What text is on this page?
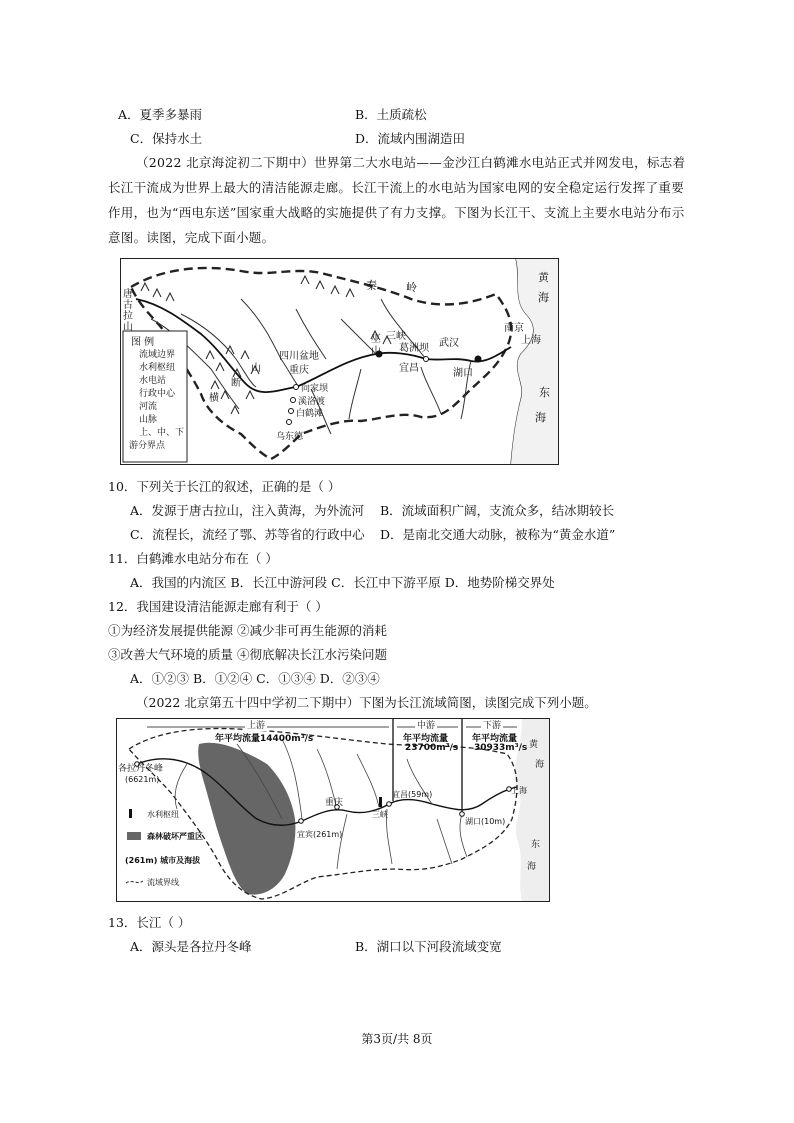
A．夏季多暴雨	B．土质疏松
C．保持水土	D．流域内围湖造田
（2022 北京海淀初二下期中）世界第二大水电站——金沙江白鹤滩水电站正式并网发电，标志着长江干流成为世界上最大的清洁能源走廊。长江干流上的水电站为国家电网的安全稳定运行发挥了重要作用，也为“西电东送”国家重大战略的实施提供了有力支撑。下图为长江干、支流上主要水电站分布示意图。读图，完成下面小题。
图 例
流域边界
水利枢纽
水电站
行政中心
河流
山脉
上、中、下
游分界点
唐古拉山
秦	岭
黄
海
南京
上海
东
海
武汉
湖口
宜昌
葛洲坝
三峡
巫山
四川盆地
重庆
向家坝
溪洛渡
白鹤滩
乌东德
横
断
山
10．下列关于长江的叙述，正确的是（ ）
A．发源于唐古拉山，注入黄海，为外流河 B．流域面积广阔，支流众多，结冰期较长
C．流程长，流经了鄂、苏等省的行政中心 D．是南北交通大动脉，被称为“黄金水道”
11．白鹤滩水电站分布在（ ）
A．我国的内流区 B．长江中游河段 C．长江中下游平原 D．地势阶梯交界处
12．我国建设清洁能源走廊有利于（ ）
①为经济发展提供能源 ②减少非可再生能源的消耗
③改善大气环境的质量 ④彻底解决长江水污染问题
A．①②③ B．①②④ C．①③④ D．②③④
（2022 北京第五十四中学初二下期中）下图为长江流域简图，读图完成下列小题。
上游
年平均流量14400m³/s
中游
年平均流量
23700m³/s
下游
年平均流量
30933m³/s
各拉丹冬峰
(6621m)
重庆
宜昌(59m)
三峡
宜宾(261m)
湖口(10m)
上海
黄
海
东
海
水利枢纽
森林破坏严重区
(261m) 城市及海拔
流域界线
13．长江（ ）
A．源头是各拉丹冬峰	B．湖口以下河段流域变宽
第3页/共 8页
